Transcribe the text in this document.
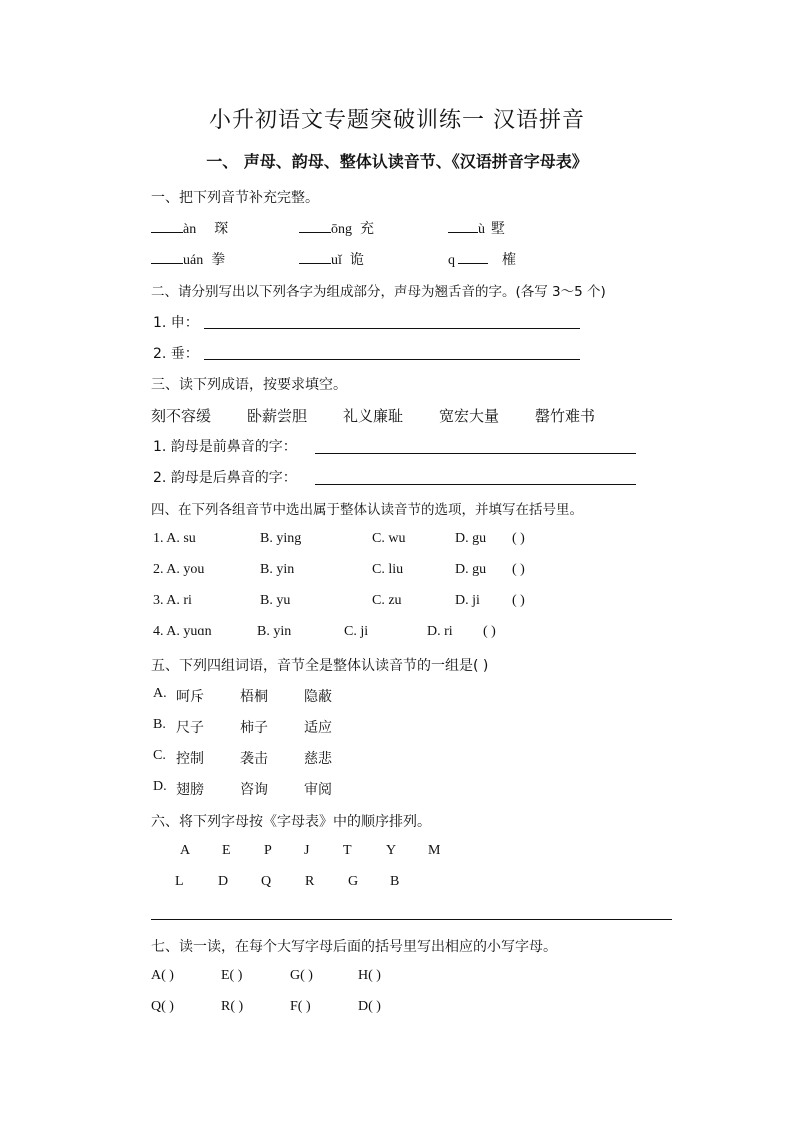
小升初语文专题突破训练一 汉语拼音
一、 声母、韵母、整体认读音节、《汉语拼音字母表》
一、把下列音节补充完整。
àn 琛	ōng 充	ù 墅
uán 拳	uǐ 诡	q	榷
二、请分别写出以下列各字为组成部分，声母为翘舌音的字。(各写 3～5 个)
1. 申：
2. 垂：
三、读下列成语，按要求填空。
刻不容缓 卧薪尝胆 礼义廉耻 宽宏大量 罄竹难书
1. 韵母是前鼻音的字：
2. 韵母是后鼻音的字：
四、在下列各组音节中选出属于整体认读音节的选项，并填写在括号里。
1. A. su	B. ying	C. wu	D. gu ( )
2. A. you	B. yin	C. liu	D. gu ( )
3. A. ri	B. yu	C. zu	D. ji ( )
4. A. yuɑn	B. yin	C. ji	D. ri ( )
五、下列四组词语，音节全是整体认读音节的一组是( )
A. 呵斥	梧桐	隐蔽
B. 尺子	柿子	适应
C. 控制	袭击	慈悲
D. 翅膀	咨询	审阅
六、将下列字母按《字母表》中的顺序排列。
A E P J T Y M
L D Q R G B
七、读一读，在每个大写字母后面的括号里写出相应的小写字母。
A( )	E( )	G( )	H( )
Q( )	R( )	F( )	D( )
